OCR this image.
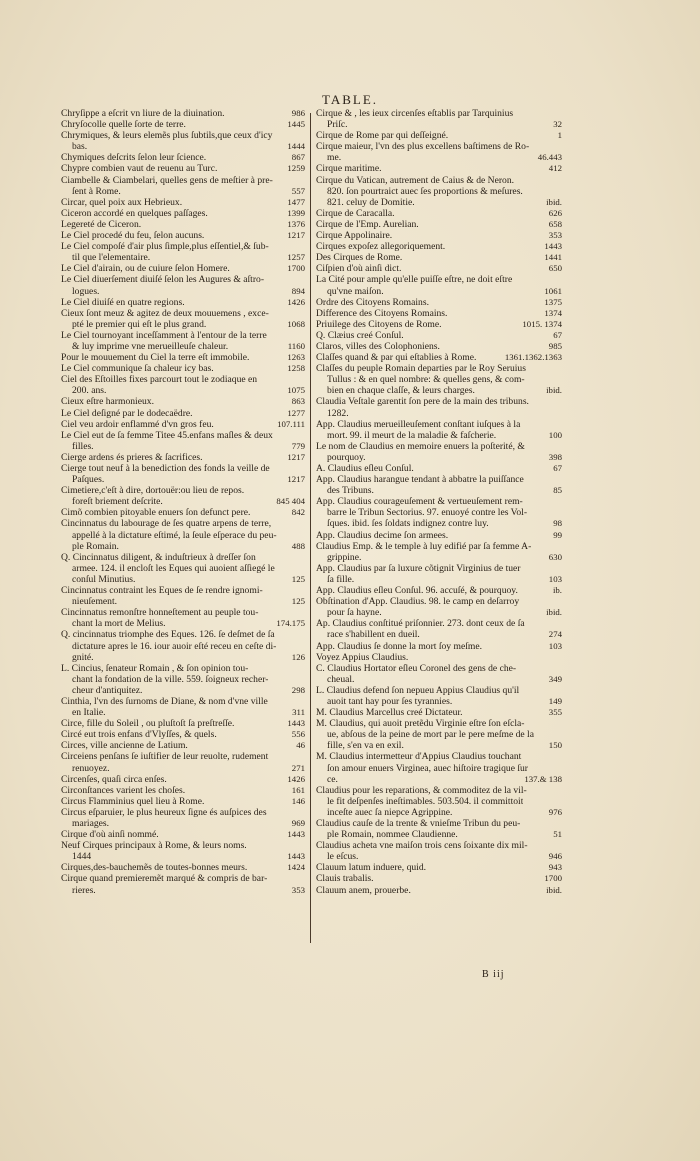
TABLE.
Chryſippe a eſcrit vn liure de la diuination.	986
Chryſocolle quelle ſorte de terre.	1445
Chrymiques, & leurs elemẽs plus ſubtils,que ceux d'icy
bas.	1444
Chymiques deſcrits ſelon leur ſcience.	867
Chypre combien vaut de reuenu au Turc.	1259
Ciambelle & Ciambelari, quelles gens de meſtier à pre-
ſent à Rome.	557
Circar, quel poix aux Hebrieux.	1477
Ciceron accordé en quelques paſſages.	1399
Legereté de Ciceron.	1376
Le Ciel procedé du feu, ſelon aucuns.	1217
Le Ciel compoſé d'air plus ſimple,plus eſſentiel,& ſub-
til que l'elementaire.	1257
Le Ciel d'airain, ou de cuiure ſelon Homere.	1700
Le Ciel diuerſement diuiſé ſelon les Augures & aſtro-
logues.	894
Le Ciel diuiſé en quatre regions.	1426
Cieux ſont meuz & agitez de deux mouuemens , exce-
pté le premier qui eſt le plus grand.	1068
Le Ciel tournoyant inceſſamment à l'entour de la terre
& luy imprime vne merueilleuſe chaleur.	1160
Pour le mouuement du Ciel la terre eſt immobile.	1263
Le Ciel communique ſa chaleur icy bas.	1258
Ciel des Eſtoilles fixes parcourt tout le zodiaque en
200. ans.	1075
Cieux eſtre harmonieux.	863
Le Ciel deſigné par le dodecaëdre.	1277
Ciel veu ardoir enflammé d'vn gros feu.	107.111
Le Ciel eut de ſa femme Titee 45.enfans maſles & deux
filles.	779
Cierge ardens és prieres & ſacrifices.	1217
Cierge tout neuf à la benediction des fonds la veille de
Paſques.	1217
Cimetiere,c'eſt à dire, dortouër:ou lieu de repos.
foreſt briement deſcrite.	845 404
Cimõ combien pitoyable enuers ſon defunct pere.	842
Cincinnatus du labourage de ſes quatre arpens de terre,
appellé à la dictature eſtimé, la ſeule eſperace du peu-
ple Romain.	488
Q. Cincinnatus diligent, & induſtrieux à dreſſer ſon
armee. 124. il encloſt les Eques qui auoient aſſiegé le
conſul Minutius.	125
Cincinnatus contraint les Eques de ſe rendre ignomi-
nieuſement.	125
Cincinnatus remonſtre honneſtement au peuple tou-
chant la mort de Melius.	174.175
Q. cincinnatus triomphe des Eques. 126. ſe deſmet de ſa
dictature apres le 16. iour auoir eſté receu en ceſte di-
gnité.	126
L. Cincius, ſenateur Romain , & ſon opinion tou-
chant la fondation de la ville. 559. ſoigneux recher-
cheur d'antiquitez.	298
Cinthia, l'vn des ſurnoms de Diane, & nom d'vne ville
en Italie.	311
Circe, fille du Soleil , ou pluſtoſt ſa preſtreſſe.	1443
Circé eut trois enfans d'Vlyſſes, & quels.	556
Circes, ville ancienne de Latium.	46
Circeiens penſans ſe iuſtifier de leur reuolte, rudement
renuoyez.	271
Circenſes, quaſi circa enſes.	1426
Circonſtances varient les choſes.	161
Circus Flamminius quel lieu à Rome.	146
Circus eſparuier, le plus heureux ſigne és auſpices des
mariages.	969
Cirque d'où ainſi nommé.	1443
Neuf Cirques principaux à Rome, & leurs noms.
1444	1443
Cirques,des-bauchemẽs de toutes-bonnes meurs.	1424
Cirque quand premieremẽt marqué & compris de bar-
rieres.	353
Cirque & , les ieux circenſes eſtablis par Tarquinius
Priſc.	32
Cirque de Rome par qui deſſeigné.	1
Cirque maieur, l'vn des plus excellens baſtimens de Ro-
me.	46.443
Cirque maritime.	412
Cirque du Vatican, autrement de Caius & de Neron.
820. ſon pourtraict auec ſes proportions & meſures.
821. celuy de Domitie.	ibid.
Cirque de Caracalla.	626
Cirque de l'Emp. Aurelian.	658
Cirque Appolinaire.	353
Cirques expoſez allegoriquement.	1443
Des Cirques de Rome.	1441
Ciſpien d'où ainſi dict.	650
La Cité pour ample qu'elle puiſſe eſtre, ne doit eſtre
qu'vne maiſon.	1061
Ordre des Citoyens Romains.	1375
Difference des Citoyens Romains.	1374
Priuilege des Citoyens de Rome.	1015. 1374
Q. Clæius creé Conſul.	67
Claros, villes des Colophoniens.	985
Claſſes quand & par qui eſtablies à Rome.	1361.1362.1363
Claſſes du peuple Romain departies par le Roy Seruius
Tullus : & en quel nombre: & quelles gens, & com-
bien en chaque claſſe, & leurs charges.	ibid.
Claudia Veſtale garentit ſon pere de la main des tribuns.
1282.
App. Claudius merueilleuſement conſtant iuſques à la
mort. 99. il meurt de la maladie & faſcherie.	100
Le nom de Claudius en memoire enuers la poſterité, &
pourquoy.	398
A. Claudius eſleu Conſul.	67
App. Claudius harangue tendant à abbatre la puiſſance
des Tribuns.	85
App. Claudius courageuſement & vertueuſement rem-
barre le Tribun Sectorius. 97. enuoyé contre les Vol-
ſques. ibid. ſes ſoldats indignez contre luy.	98
App. Claudius decime ſon armees.	99
Claudius Emp. & le temple à luy edifié par ſa femme A-
grippine.	630
App. Claudius par ſa luxure cõtignit Virginius de tuer
ſa fille.	103
App. Claudius eſleu Conſul. 96. accuſé, & pourquoy.	ib.
Obſtination d'App. Claudius. 98. le camp en deſarroy
pour ſa hayne.	ibid.
Ap. Claudius conſtitué priſonnier. 273. dont ceux de ſa
race s'habillent en dueil.	274
App. Claudius ſe donne la mort ſoy meſme.	103
Voyez Appius Claudius.
C. Claudius Hortator eſleu Coronel des gens de che-
cheual.	349
L. Claudius defend ſon nepueu Appius Claudius qu'il
auoit tant hay pour ſes tyrannies.	149
M. Claudius Marcellus creé Dictateur.	355
M. Claudius, qui auoit pretẽdu Virginie eſtre ſon eſcla-
ue, abſous de la peine de mort par le pere meſme de la
fille, s'en va en exil.	150
M. Claudius intermetteur d'Appius Claudius touchant
ſon amour enuers Virginea, auec hiſtoire tragique ſur
ce.	137.& 138
Claudius pour les reparations, & commoditez de la vil-
le fit deſpenſes ineſtimables. 503.504. il committoit
inceſte auec ſa niepce Agrippine.	976
Claudius cauſe de la trente & vnieſme Tribun du peu-
ple Romain, nommee Claudienne.	51
Claudius acheta vne maiſon trois cens ſoixante dix mil-
le eſcus.	946
Clauum latum induere, quid.	943
Clauis trabalis.	1700
Clauum anem, prouerbe.	ibid.
B iij
